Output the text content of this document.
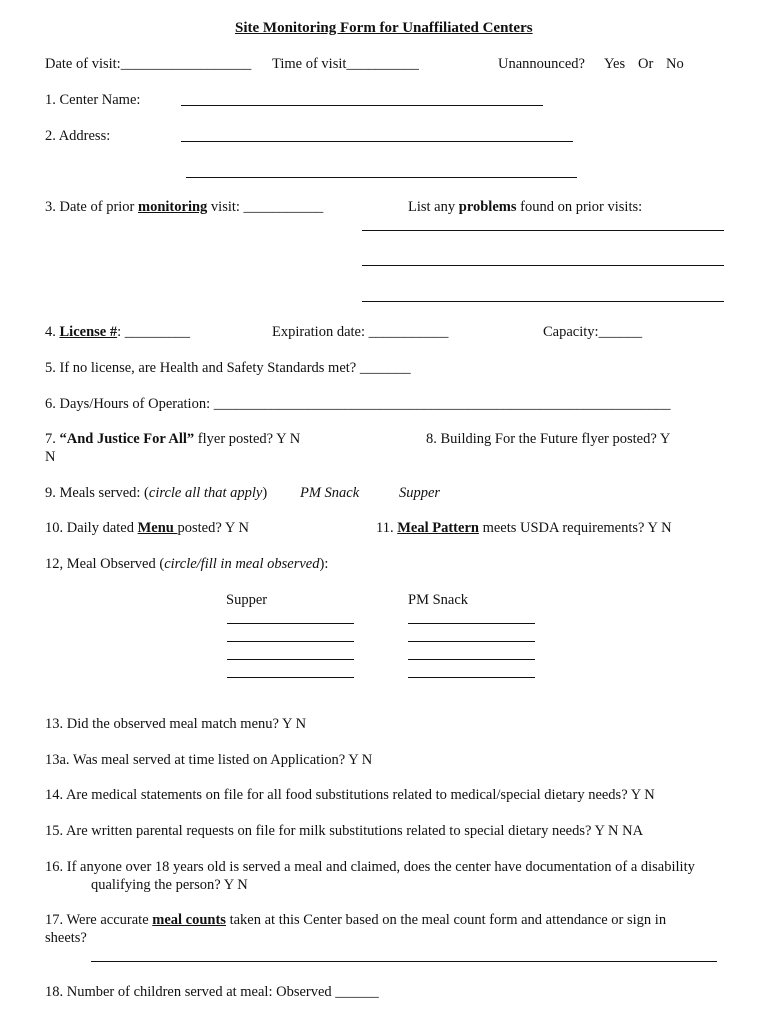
Site Monitoring Form for Unaffiliated Centers
Date of visit:__________________ Time of visit__________	Unannounced? Yes Or No
1. Center Name:
2. Address:
3. Date of prior monitoring visit: ___________	List any problems found on prior visits:
4. License #: _________	Expiration date: ___________	Capacity:______
5. If no license, are Health and Safety Standards met? _______
6. Days/Hours of Operation: _______________________________________________________________
7. “And Justice For All” flyer posted? Y N	8. Building For the Future flyer posted? Y
N
9. Meals served: (circle all that apply) PM Snack	Supper
10. Daily dated Menu posted? Y N	11. Meal Pattern meets USDA requirements? Y N
12, Meal Observed (circle/fill in meal observed):
Supper	PM Snack
13. Did the observed meal match menu? Y N
13a. Was meal served at time listed on Application? Y N
14. Are medical statements on file for all food substitutions related to medical/special dietary needs? Y N
15. Are written parental requests on file for milk substitutions related to special dietary needs? Y N NA
16. If anyone over 18 years old is served a meal and claimed, does the center have documentation of a disability
qualifying the person? Y N
17. Were accurate meal counts taken at this Center based on the meal count form and attendance or sign in
sheets?
18. Number of children served at meal: Observed ______
